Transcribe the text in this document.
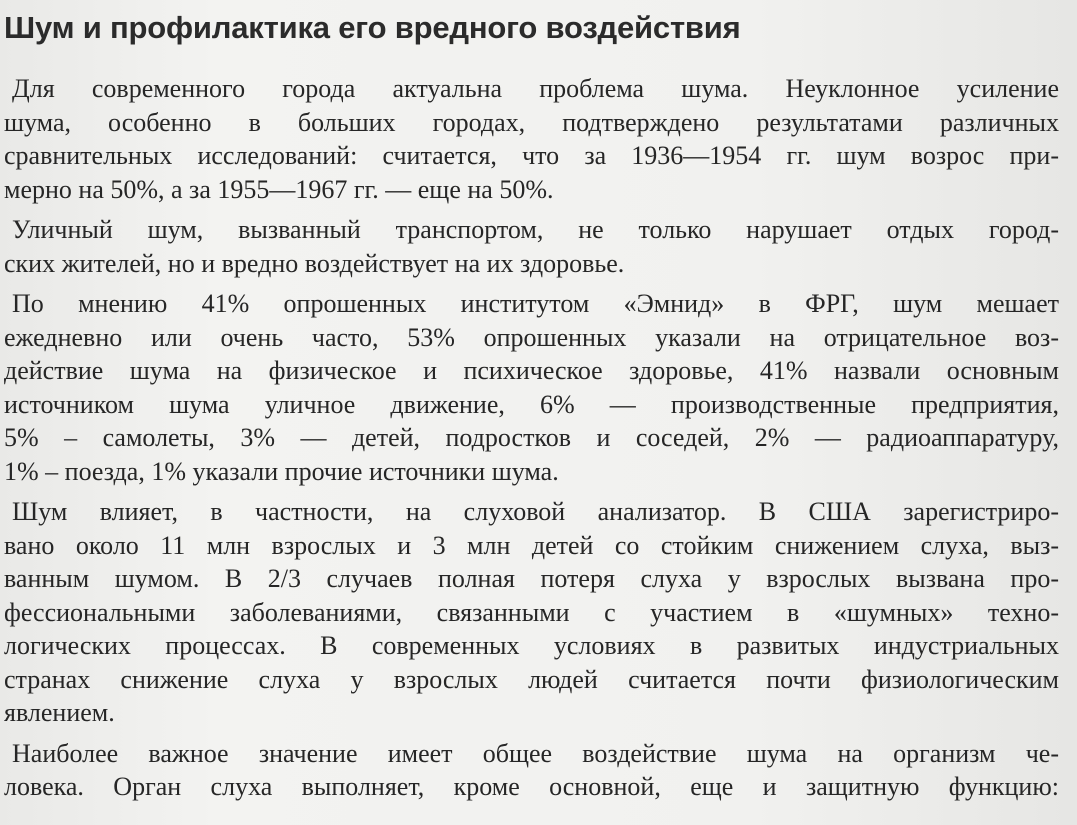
Шум и профилактика его вредного воздействия

Для современного города актуальна проблема шума. Неуклонное усиление
шума, особенно в больших городах, подтверждено результатами различных
сравнительных исследований: считается, что за 1936—1954 гг. шум возрос при-
мерно на 50%, а за 1955—1967 гг. — еще на 50%.

Уличный шум, вызванный транспортом, не только нарушает отдых город-
ских жителей, но и вредно воздействует на их здоровье.

По мнению 41% опрошенных институтом «Эмнид» в ФРГ, шум мешает
ежедневно или очень часто, 53% опрошенных указали на отрицательное воз-
действие шума на физическое и психическое здоровье, 41% назвали основным
источником шума уличное движение, 6% — производственные предприятия,
5% – самолеты, 3% — детей, подростков и соседей, 2% — радиоаппаратуру,
1% – поезда, 1% указали прочие источники шума.

Шум влияет, в частности, на слуховой анализатор. В США зарегистриро-
вано около 11 млн взрослых и 3 млн детей со стойким снижением слуха, выз-
ванным шумом. В 2/3 случаев полная потеря слуха у взрослых вызвана про-
фессиональными заболеваниями, связанными с участием в «шумных» техно-
логических процессах. В современных условиях в развитых индустриальных
странах снижение слуха у взрослых людей считается почти физиологическим
явлением.

Наиболее важное значение имеет общее воздействие шума на организм че-
ловека. Орган слуха выполняет, кроме основной, еще и защитную функцию:
